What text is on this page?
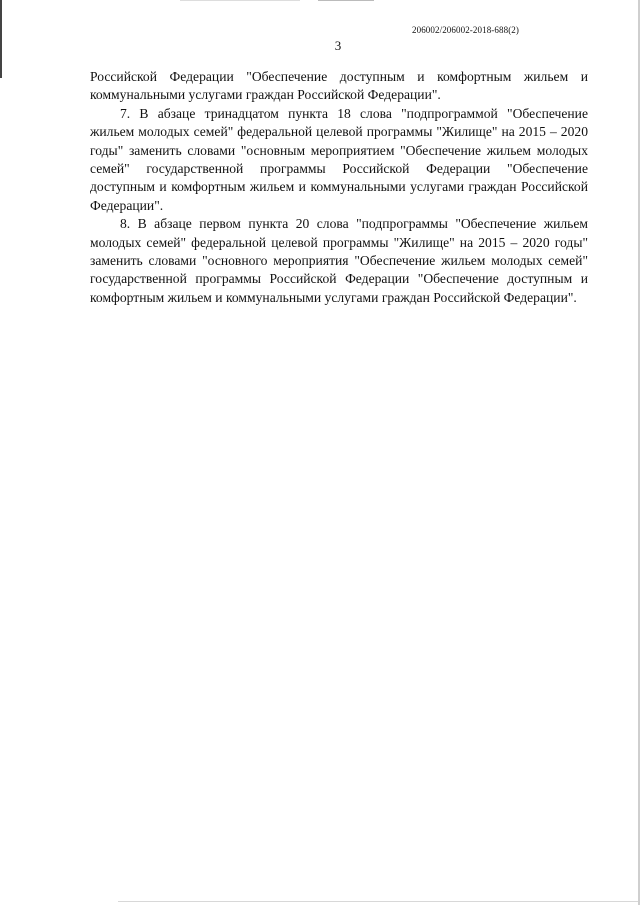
206002/206002-2018-688(2)
3

Российской Федерации "Обеспечение доступным и комфортным жильем и коммунальными услугами граждан Российской Федерации".

7. В абзаце тринадцатом пункта 18 слова "подпрограммой "Обеспечение жильем молодых семей" федеральной целевой программы "Жилище" на 2015 – 2020 годы" заменить словами "основным мероприятием "Обеспечение жильем молодых семей" государственной программы Российской Федерации "Обеспечение доступным и комфортным жильем и коммунальными услугами граждан Российской Федерации".

8. В абзаце первом пункта 20 слова "подпрограммы "Обеспечение жильем молодых семей" федеральной целевой программы "Жилище" на 2015 – 2020 годы" заменить словами "основного мероприятия "Обеспечение жильем молодых семей" государственной программы Российской Федерации "Обеспечение доступным и комфортным жильем и коммунальными услугами граждан Российской Федерации".
